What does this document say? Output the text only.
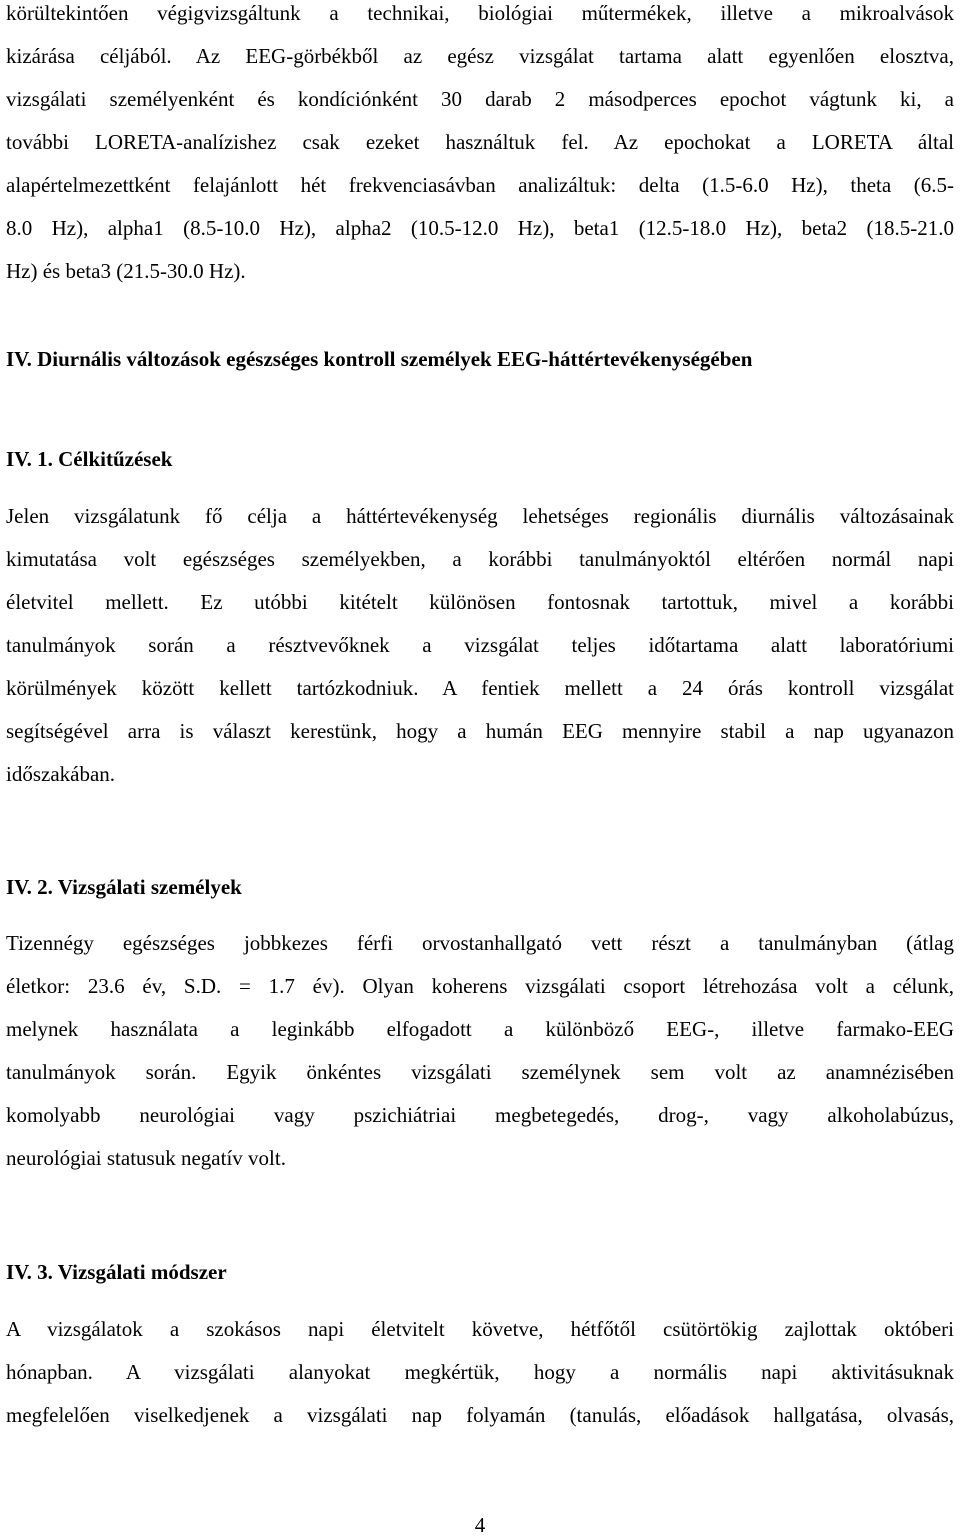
körültekintően végigvizsgáltunk a technikai, biológiai műtermékek, illetve a mikroalvások
kizárása céljából. Az EEG-görbékből az egész vizsgálat tartama alatt egyenlően elosztva,
vizsgálati személyenként és kondíciónként 30 darab 2 másodperces epochot vágtunk ki, a
további LORETA-analízishez csak ezeket használtuk fel. Az epochokat a LORETA által
alapértelmezettként felajánlott hét frekvenciasávban analizáltuk: delta (1.5-6.0 Hz), theta (6.5-
8.0 Hz), alpha1 (8.5-10.0 Hz), alpha2 (10.5-12.0 Hz), beta1 (12.5-18.0 Hz), beta2 (18.5-21.0
Hz) és beta3 (21.5-30.0 Hz).
IV. Diurnális változások egészséges kontroll személyek EEG-háttértevékenységében
IV. 1. Célkitűzések
Jelen vizsgálatunk fő célja a háttértevékenység lehetséges regionális diurnális változásainak
kimutatása volt egészséges személyekben, a korábbi tanulmányoktól eltérően normál napi
életvitel mellett. Ez utóbbi kitételt különösen fontosnak tartottuk, mivel a korábbi
tanulmányok során a résztvevőknek a vizsgálat teljes időtartama alatt laboratóriumi
körülmények között kellett tartózkodniuk. A fentiek mellett a 24 órás kontroll vizsgálat
segítségével arra is választ kerestünk, hogy a humán EEG mennyire stabil a nap ugyanazon
időszakában.
IV. 2. Vizsgálati személyek
Tizennégy egészséges jobbkezes férfi orvostanhallgató vett részt a tanulmányban (átlag
életkor: 23.6 év, S.D. = 1.7 év). Olyan koherens vizsgálati csoport létrehozása volt a célunk,
melynek használata a leginkább elfogadott a különböző EEG-, illetve farmako-EEG
tanulmányok során. Egyik önkéntes vizsgálati személynek sem volt az anamnézisében
komolyabb neurológiai vagy pszichiátriai megbetegedés, drog-, vagy alkoholabúzus,
neurológiai statusuk negatív volt.
IV. 3. Vizsgálati módszer
A vizsgálatok a szokásos napi életvitelt követve, hétfőtől csütörtökig zajlottak októberi
hónapban. A vizsgálati alanyokat megkértük, hogy a normális napi aktivitásuknak
megfelelően viselkedjenek a vizsgálati nap folyamán (tanulás, előadások hallgatása, olvasás,
4
